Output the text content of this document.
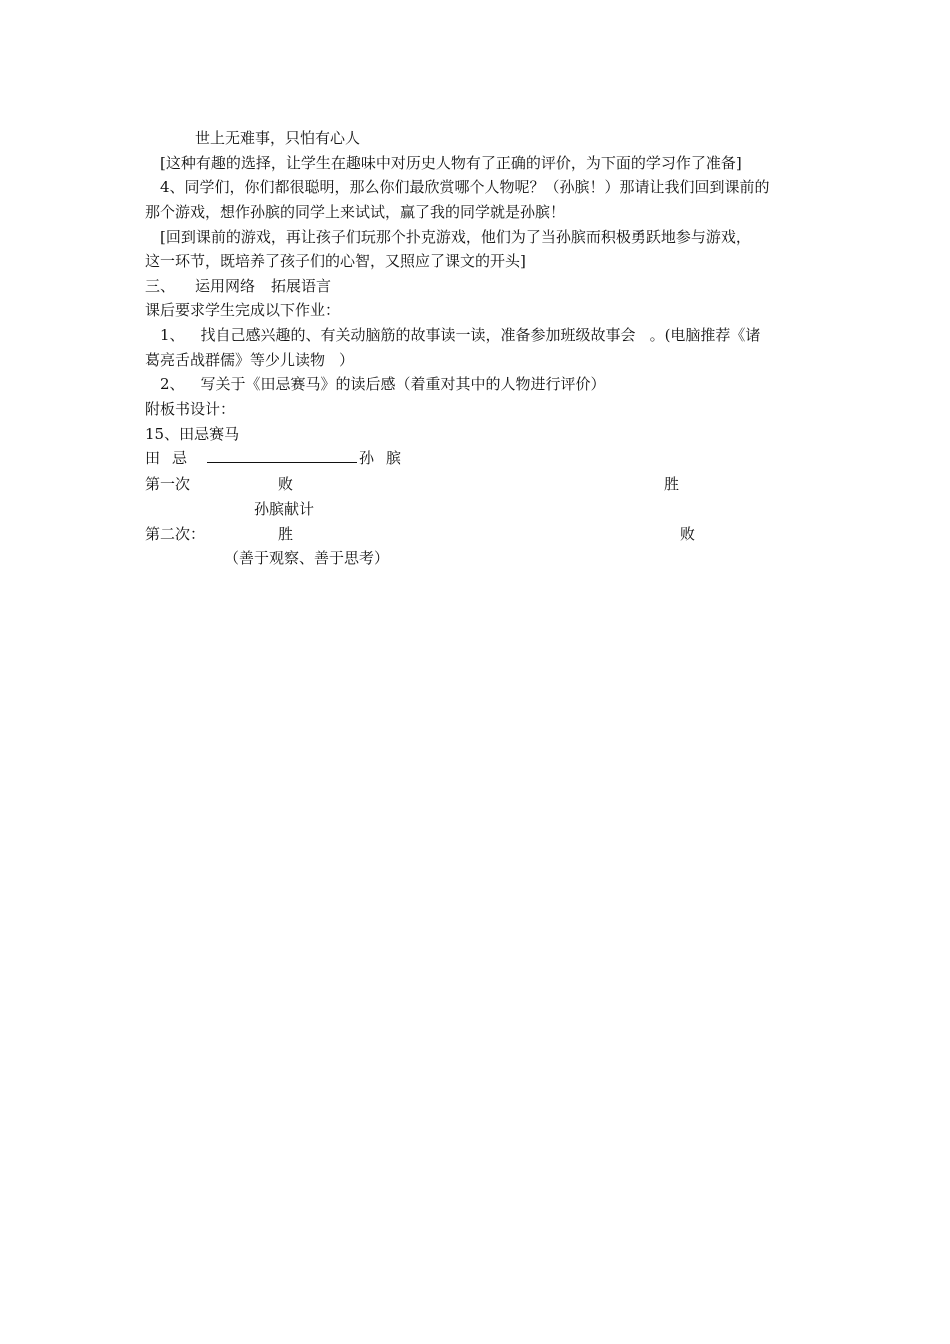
世上无难事，只怕有心人
[这种有趣的选择，让学生在趣味中对历史人物有了正确的评价，为下面的学习作了准备]
4、同学们，你们都很聪明，那么你们最欣赏哪个人物呢？（孙膑！）那请让我们回到课前的
那个游戏，想作孙膑的同学上来试试，赢了我的同学就是孙膑！
[回到课前的游戏，再让孩子们玩那个扑克游戏，他们为了当孙膑而积极勇跃地参与游戏，
这一环节，既培养了孩子们的心智，又照应了课文的开头]
三、 运用网络 拓展语言
课后要求学生完成以下作业：
1、 找自己感兴趣的、有关动脑筋的故事读一读，准备参加班级故事会 。(电脑推荐《诸
葛亮舌战群儒》等少儿读物 ）
2、 写关于《田忌赛马》的读后感（着重对其中的人物进行评价）
附板书设计：
15、田忌赛马
田 忌	孙 膑
第一次	败	胜
孙膑献计
第二次：	胜	败
（善于观察、善于思考）
